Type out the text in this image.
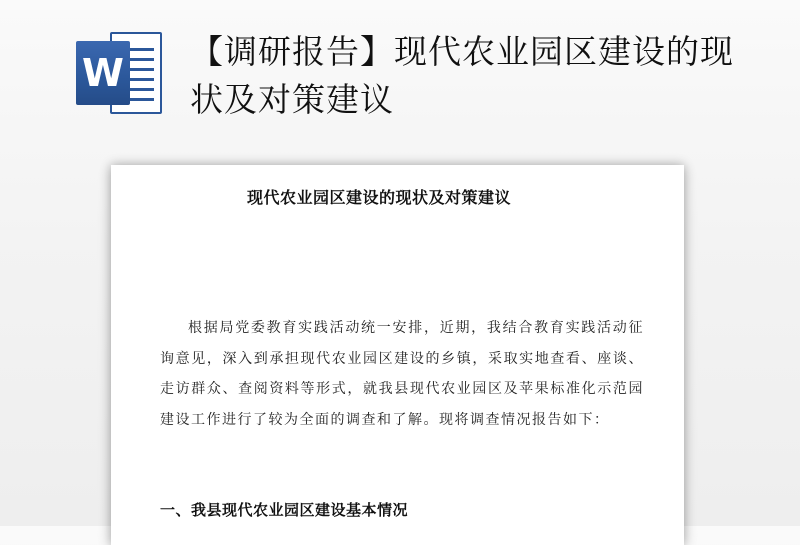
W 【调研报告】现代农业园区建设的现状及对策建议
现代农业园区建设的现状及对策建议

根据局党委教育实践活动统一安排，近期，我结合教育实践活动征询意见，深入到承担现代农业园区建设的乡镇，采取实地查看、座谈、走访群众、查阅资料等形式，就我县现代农业园区及苹果标准化示范园建设工作进行了较为全面的调查和了解。现将调查情况报告如下：

一、我县现代农业园区建设基本情况
